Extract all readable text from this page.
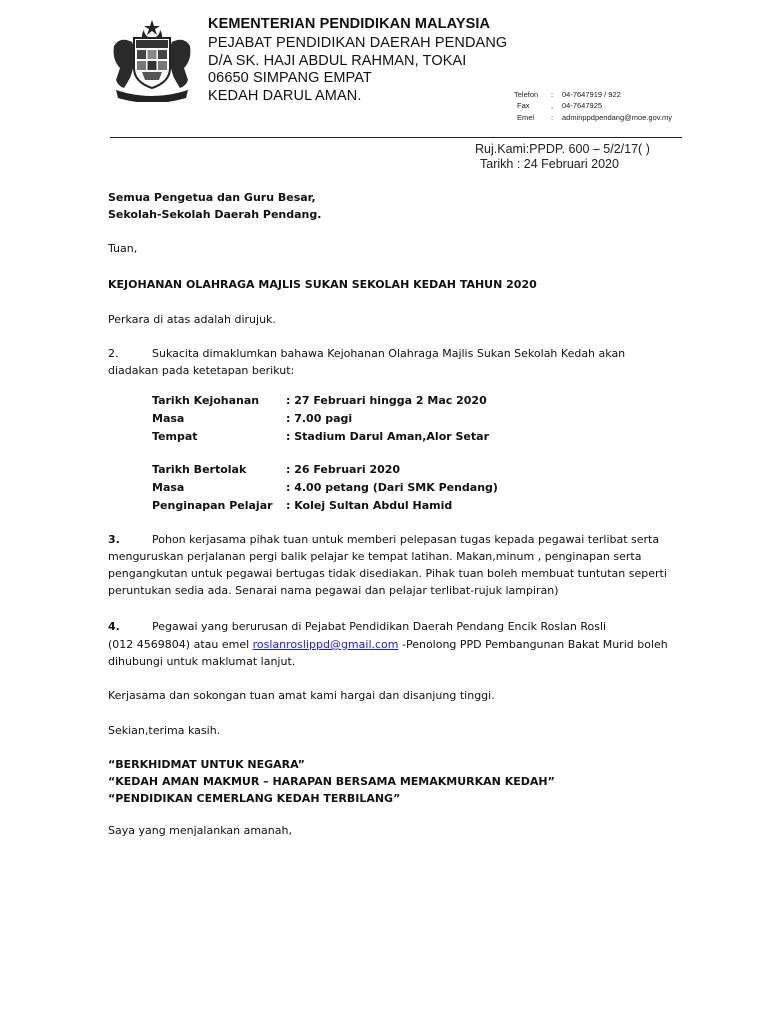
KEMENTERIAN PENDIDIKAN MALAYSIA
PEJABAT PENDIDIKAN DAERAH PENDANG
D/A SK. HAJI ABDUL RAHMAN, TOKAI
06650 SIMPANG EMPAT
KEDAH DARUL AMAN.	Telefon	: 04-7647919 / 922
Fax	, 04-7647925
Emel	: adminppdpendang@moe.gov.my
Ruj.Kami:PPDP. 600 – 5/2/17( )
Tarikh : 24 Februari 2020
Semua Pengetua dan Guru Besar,
Sekolah-Sekolah Daerah Pendang.
Tuan,
KEJOHANAN OLAHRAGA MAJLIS SUKAN SEKOLAH KEDAH TAHUN 2020
Perkara di atas adalah dirujuk.
2.	Sukacita dimaklumkan bahawa Kejohanan Olahraga Majlis Sukan Sekolah Kedah akan
diadakan pada ketetapan berikut:
Tarikh Kejohanan : 27 Februari hingga 2 Mac 2020
Masa	: 7.00 pagi
Tempat	: Stadium Darul Aman,Alor Setar
Tarikh Bertolak	: 26 Februari 2020
Masa	: 4.00 petang (Dari SMK Pendang)
Penginapan Pelajar : Kolej Sultan Abdul Hamid
3.	Pohon kerjasama pihak tuan untuk memberi pelepasan tugas kepada pegawai terlibat serta
menguruskan perjalanan pergi balik pelajar ke tempat latihan. Makan,minum , penginapan serta
pengangkutan untuk pegawai bertugas tidak disediakan. Pihak tuan boleh membuat tuntutan seperti
peruntukan sedia ada. Senarai nama pegawai dan pelajar terlibat-rujuk lampiran)
4.	Pegawai yang berurusan di Pejabat Pendidikan Daerah Pendang Encik Roslan Rosli
(012 4569804) atau emel roslanroslippd@gmail.com -Penolong PPD Pembangunan Bakat Murid boleh
dihubungi untuk maklumat lanjut.
Kerjasama dan sokongan tuan amat kami hargai dan disanjung tinggi.
Sekian,terima kasih.
“BERKHIDMAT UNTUK NEGARA”
“KEDAH AMAN MAKMUR – HARAPAN BERSAMA MEMAKMURKAN KEDAH”
“PENDIDIKAN CEMERLANG KEDAH TERBILANG”
Saya yang menjalankan amanah,
